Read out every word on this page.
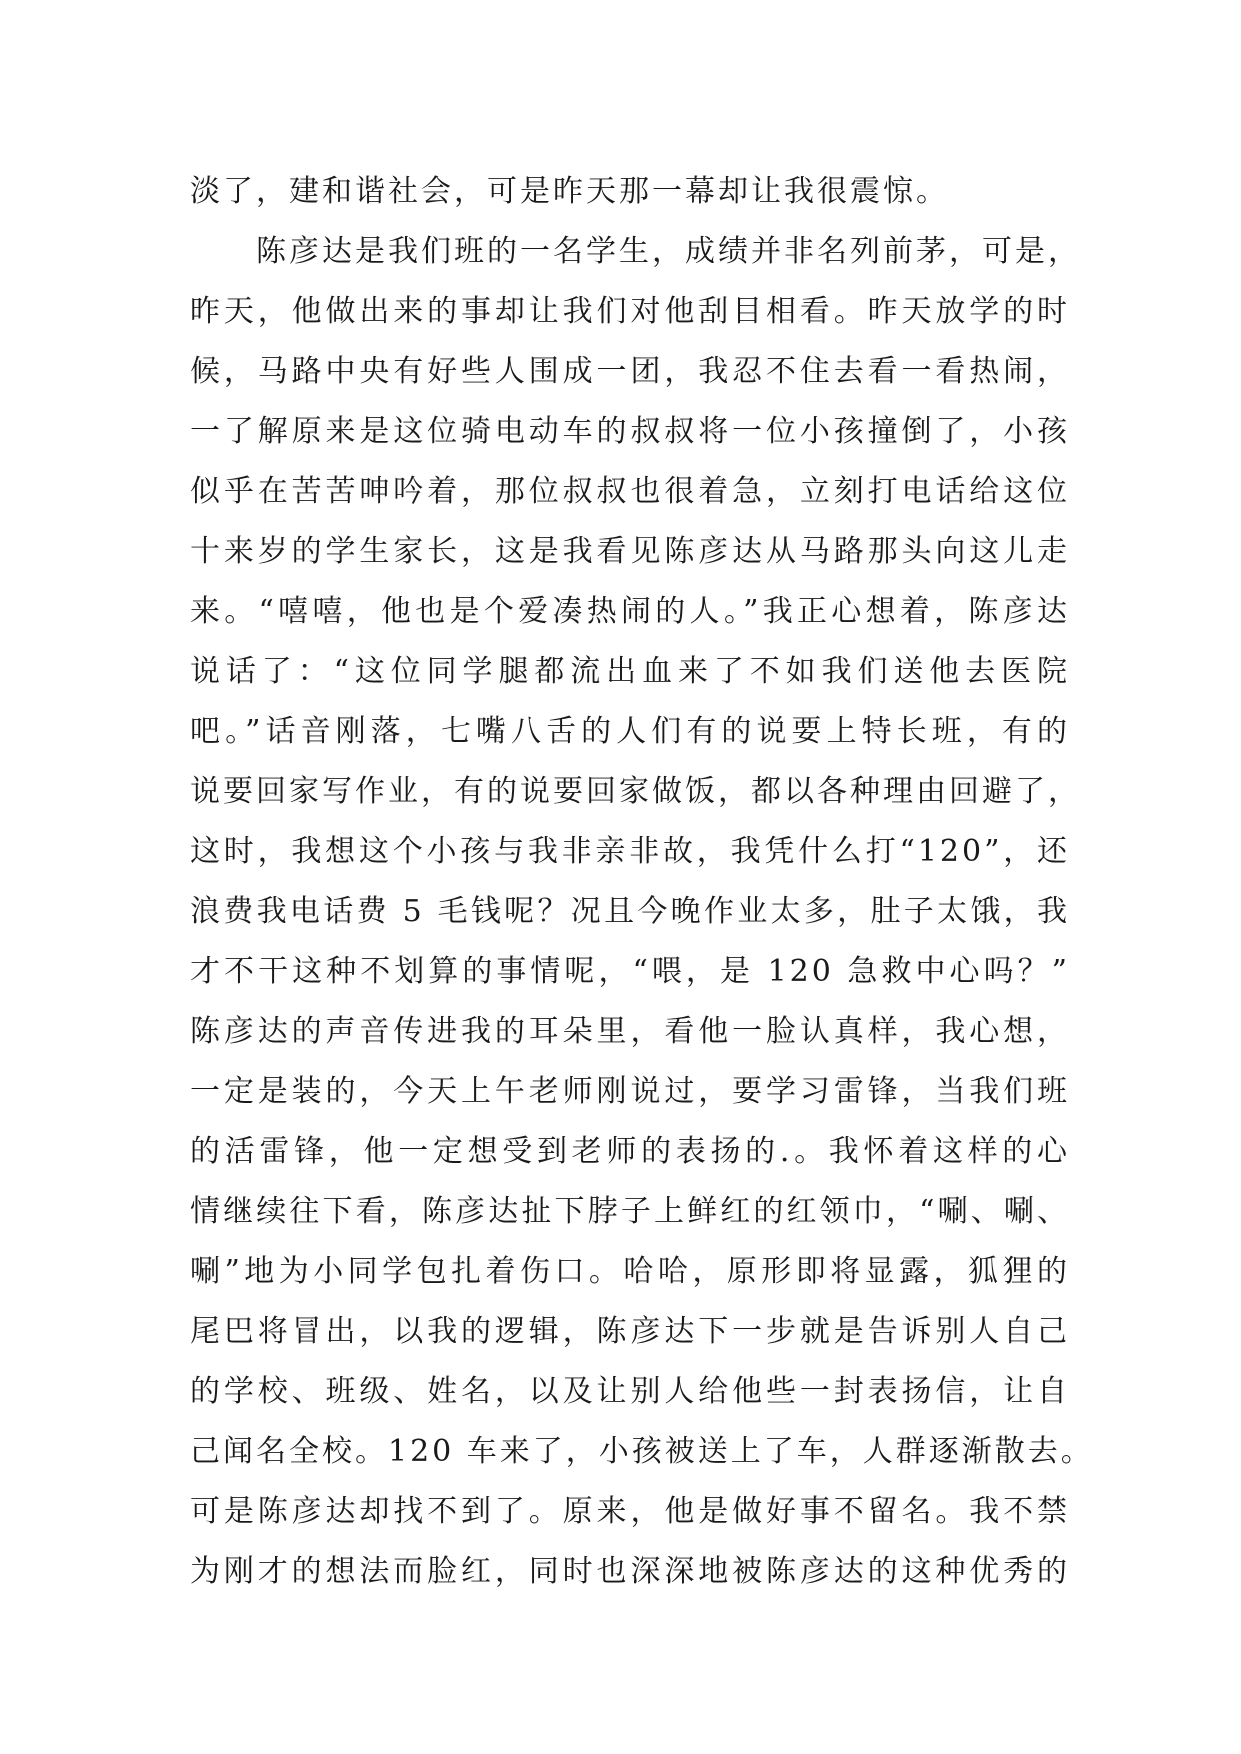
淡了，建和谐社会，可是昨天那一幕却让我很震惊。
　　陈彦达是我们班的一名学生，成绩并非名列前茅，可是，
昨天，他做出来的事却让我们对他刮目相看。昨天放学的时
候，马路中央有好些人围成一团，我忍不住去看一看热闹，
一了解原来是这位骑电动车的叔叔将一位小孩撞倒了，小孩
似乎在苦苦呻吟着，那位叔叔也很着急，立刻打电话给这位
十来岁的学生家长，这是我看见陈彦达从马路那头向这儿走
来。“嘻嘻，他也是个爱凑热闹的人。”我正心想着，陈彦达
说话了：“这位同学腿都流出血来了不如我们送他去医院
吧。”话音刚落，七嘴八舌的人们有的说要上特长班，有的
说要回家写作业，有的说要回家做饭，都以各种理由回避了，
这时，我想这个小孩与我非亲非故，我凭什么打“120”，还
浪费我电话费 5 毛钱呢？况且今晚作业太多，肚子太饿，我
才不干这种不划算的事情呢，“喂，是 120 急救中心吗？”
陈彦达的声音传进我的耳朵里，看他一脸认真样，我心想，
一定是装的，今天上午老师刚说过，要学习雷锋，当我们班
的活雷锋，他一定想受到老师的表扬的.。我怀着这样的心
情继续往下看，陈彦达扯下脖子上鲜红的红领巾，“唰、唰、
唰”地为小同学包扎着伤口。哈哈，原形即将显露，狐狸的
尾巴将冒出，以我的逻辑，陈彦达下一步就是告诉别人自己
的学校、班级、姓名，以及让别人给他些一封表扬信，让自
己闻名全校。120 车来了，小孩被送上了车，人群逐渐散去。
可是陈彦达却找不到了。原来，他是做好事不留名。我不禁
为刚才的想法而脸红，同时也深深地被陈彦达的这种优秀的
